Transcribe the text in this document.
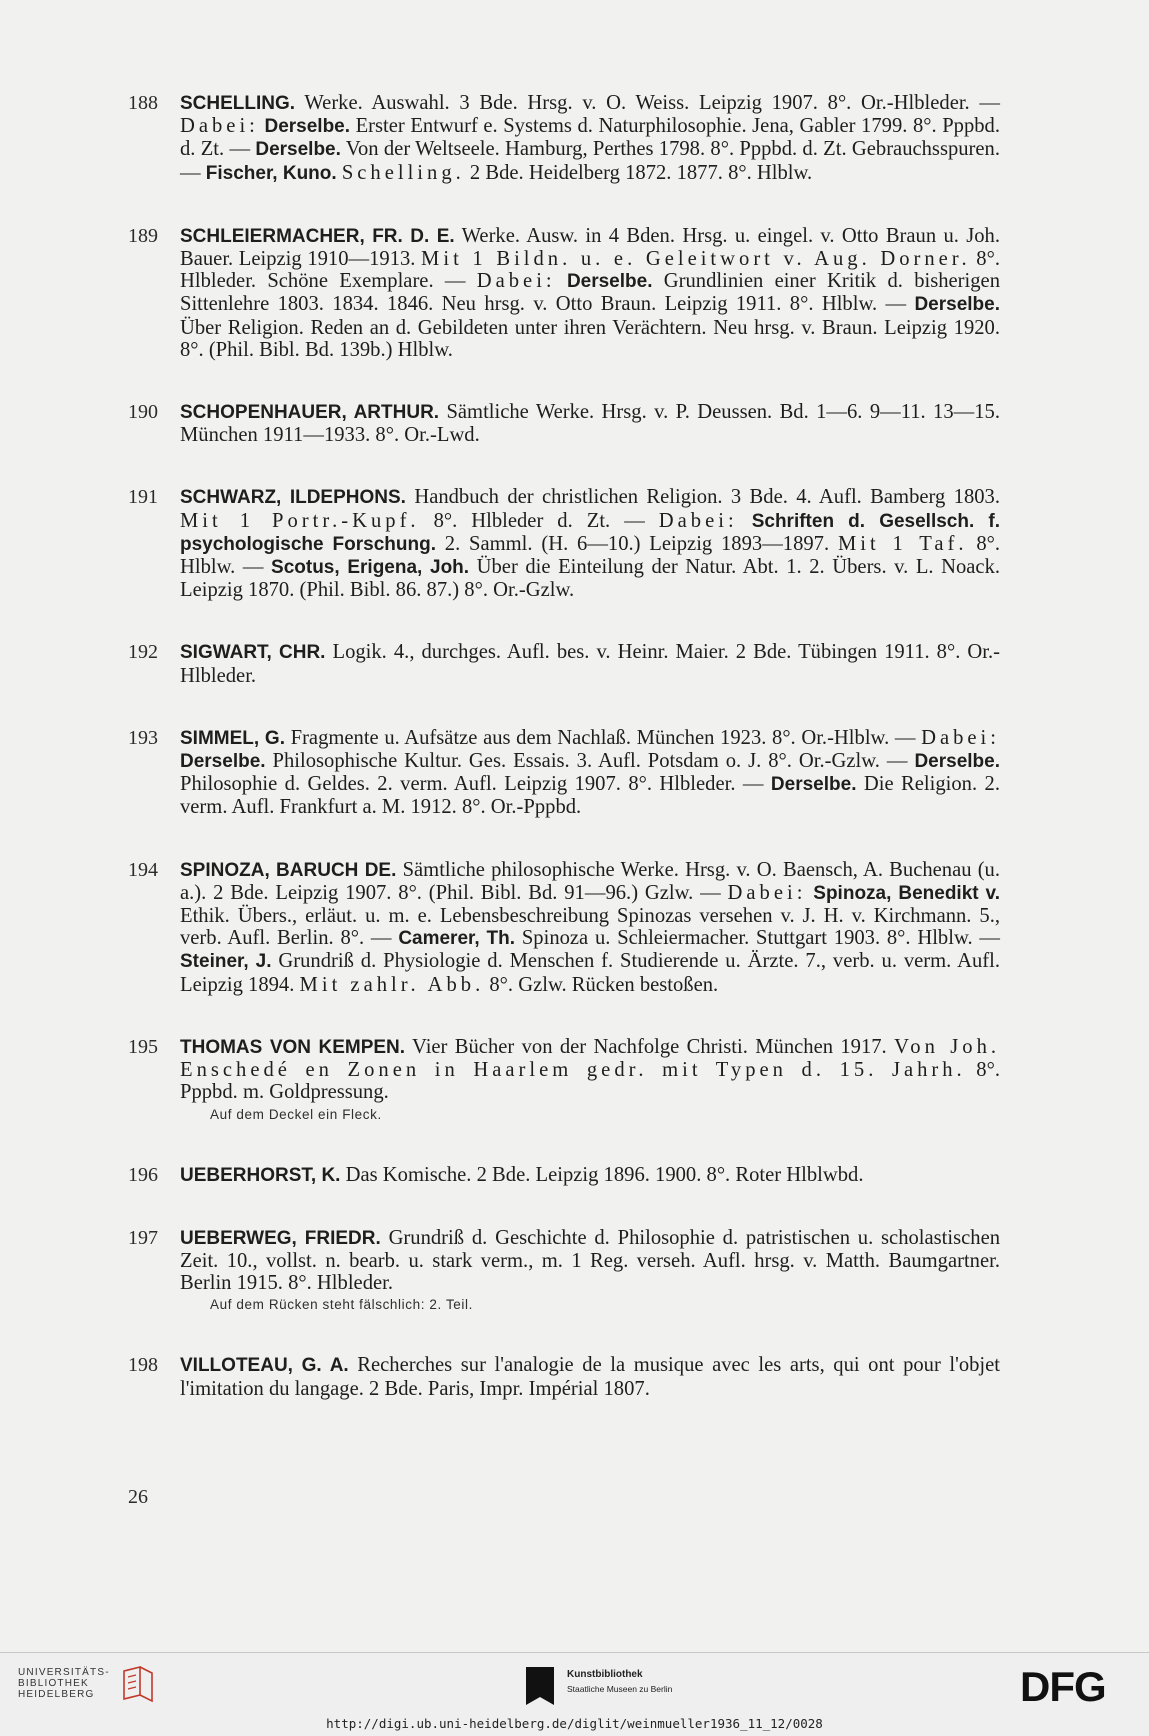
188	SCHELLING. Werke. Auswahl. 3 Bde. Hrsg. v. O. Weiss. Leipzig 1907. 8°. Or.-Hlbleder. — Dabei: Derselbe. Erster Entwurf e. Systems d. Naturphilosophie. Jena, Gabler 1799. 8°. Pppbd. d. Zt. — Derselbe. Von der Weltseele. Hamburg, Perthes 1798. 8°. Pppbd. d. Zt. Gebrauchsspuren. — Fischer, Kuno. Schelling. 2 Bde. Heidelberg 1872. 1877. 8°. Hlblw.
189	SCHLEIERMACHER, FR. D. E. Werke. Ausw. in 4 Bden. Hrsg. u. eingel. v. Otto Braun u. Joh. Bauer. Leipzig 1910—1913. Mit 1 Bildn. u. e. Geleitwort v. Aug. Dorner. 8°. Hlbleder. Schöne Exemplare. — Dabei: Derselbe. Grundlinien einer Kritik d. bisherigen Sittenlehre 1803. 1834. 1846. Neu hrsg. v. Otto Braun. Leipzig 1911. 8°. Hlblw. — Derselbe. Über Religion. Reden an d. Gebildeten unter ihren Verächtern. Neu hrsg. v. Braun. Leipzig 1920. 8°. (Phil. Bibl. Bd. 139b.) Hlblw.
190	SCHOPENHAUER, ARTHUR. Sämtliche Werke. Hrsg. v. P. Deussen. Bd. 1—6. 9—11. 13—15. München 1911—1933. 8°. Or.-Lwd.
191	SCHWARZ, ILDEPHONS. Handbuch der christlichen Religion. 3 Bde. 4. Aufl. Bamberg 1803. Mit 1 Portr.-Kupf. 8°. Hlbleder d. Zt. — Dabei: Schriften d. Gesellsch. f. psychologische Forschung. 2. Samml. (H. 6—10.) Leipzig 1893—1897. Mit 1 Taf. 8°. Hlblw. — Scotus, Erigena, Joh. Über die Einteilung der Natur. Abt. 1. 2. Übers. v. L. Noack. Leipzig 1870. (Phil. Bibl. 86. 87.) 8°. Or.-Gzlw.
192	SIGWART, CHR. Logik. 4., durchges. Aufl. bes. v. Heinr. Maier. 2 Bde. Tübingen 1911. 8°. Or.-Hlbleder.
193	SIMMEL, G. Fragmente u. Aufsätze aus dem Nachlaß. München 1923. 8°. Or.-Hlblw. — Dabei: Derselbe. Philosophische Kultur. Ges. Essais. 3. Aufl. Potsdam o. J. 8°. Or.-Gzlw. — Derselbe. Philosophie d. Geldes. 2. verm. Aufl. Leipzig 1907. 8°. Hlbleder. — Derselbe. Die Religion. 2. verm. Aufl. Frankfurt a. M. 1912. 8°. Or.-Pppbd.
194	SPINOZA, BARUCH DE. Sämtliche philosophische Werke. Hrsg. v. O. Baensch, A. Buchenau (u. a.). 2 Bde. Leipzig 1907. 8°. (Phil. Bibl. Bd. 91—96.) Gzlw. — Dabei: Spinoza, Benedikt v. Ethik. Übers., erläut. u. m. e. Lebensbeschreibung Spinozas versehen v. J. H. v. Kirchmann. 5., verb. Aufl. Berlin. 8°. — Camerer, Th. Spinoza u. Schleiermacher. Stuttgart 1903. 8°. Hlblw. — Steiner, J. Grundriß d. Physiologie d. Menschen f. Studierende u. Ärzte. 7., verb. u. verm. Aufl. Leipzig 1894. Mit zahlr. Abb. 8°. Gzlw. Rücken bestoßen.
195	THOMAS VON KEMPEN. Vier Bücher von der Nachfolge Christi. München 1917. Von Joh. Enschedé en Zonen in Haarlem gedr. mit Typen d. 15. Jahrh. 8°. Pppbd. m. Goldpressung.
Auf dem Deckel ein Fleck.
196	UEBERHORST, K. Das Komische. 2 Bde. Leipzig 1896. 1900. 8°. Roter Hlblwbd.
197	UEBERWEG, FRIEDR. Grundriß d. Geschichte d. Philosophie d. patristischen u. scholastischen Zeit. 10., vollst. n. bearb. u. stark verm., m. 1 Reg. verseh. Aufl. hrsg. v. Matth. Baumgartner. Berlin 1915. 8°. Hlbleder.
Auf dem Rücken steht fälschlich: 2. Teil.
198	VILLOTEAU, G. A. Recherches sur l'analogie de la musique avec les arts, qui ont pour l'objet l'imitation du langage. 2 Bde. Paris, Impr. Impérial 1807.
26
UNIVERSITÄTS-
BIBLIOTHEK
HEIDELBERG
Kunstbibliothek
Staatliche Museen zu Berlin	DFG
http://digi.ub.uni-heidelberg.de/diglit/weinmueller1936_11_12/0028
